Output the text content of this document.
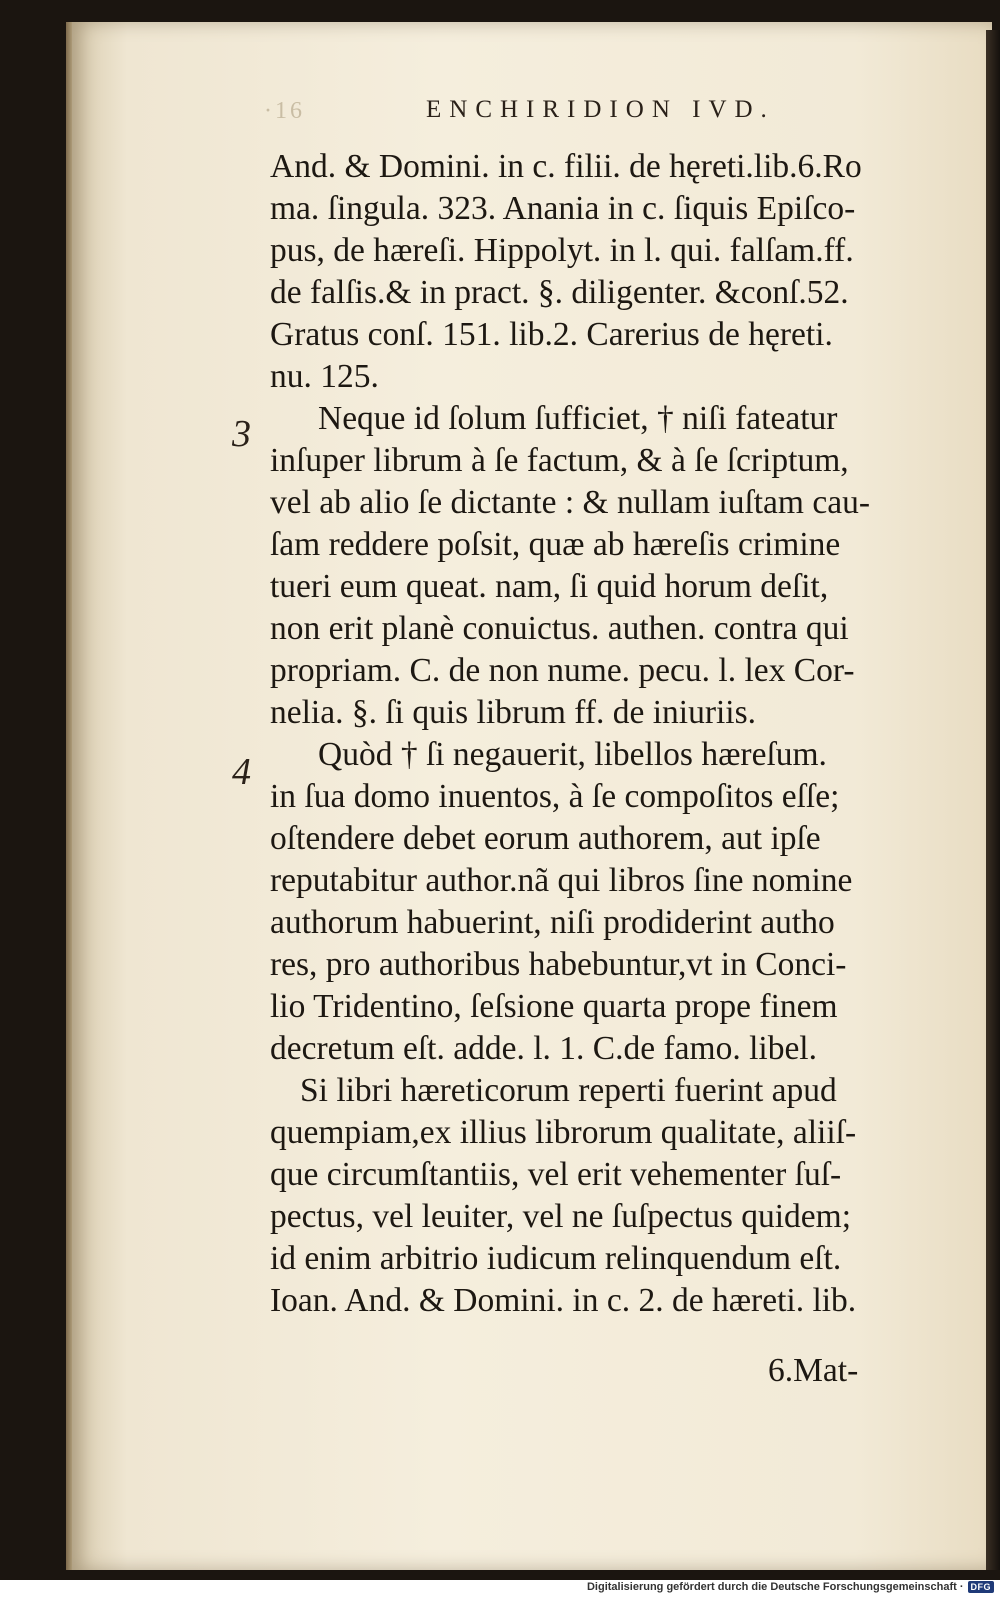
·16	ENCHIRIDION IVD.
3
4
And. & Domini. in c. filii. de hęreti.lib.6.Ro
ma. ſingula. 323. Anania in c. ſiquis Epiſco-
pus, de hæreſi. Hippolyt. in l. qui. falſam.ff.
de falſis.& in pract. §. diligenter. &conſ.52.
Gratus conſ. 151. lib.2. Carerius de hęreti.
nu. 125.
Neque id ſolum ſufficiet, † niſi fateatur
inſuper librum à ſe factum, & à ſe ſcriptum,
vel ab alio ſe dictante : & nullam iuſtam cau-
ſam reddere poſsit, quæ ab hæreſis crimine
tueri eum queat. nam, ſi quid horum deſit,
non erit planè conuictus. authen. contra qui
propriam. C. de non nume. pecu. l. lex Cor-
nelia. §. ſi quis librum ff. de iniuriis.
Quòd † ſi negauerit, libellos hæreſum.
in ſua domo inuentos, à ſe compoſitos eſſe;
oſtendere debet eorum authorem, aut ipſe
reputabitur author.nã qui libros ſine nomine
authorum habuerint, niſi prodiderint autho
res, pro authoribus habebuntur,vt in Conci-
lio Tridentino, ſeſsione quarta prope finem
decretum eſt. adde. l. 1. C.de famo. libel.
Si libri hæreticorum reperti fuerint apud
quempiam,ex illius librorum qualitate, aliiſ-
que circumſtantiis, vel erit vehementer ſuſ-
pectus, vel leuiter, vel ne ſuſpectus quidem;
id enim arbitrio iudicum relinquendum eſt.
Ioan. And. & Domini. in c. 2. de hæreti. lib.
6.Mat-
Digitalisierung gefördert durch die Deutsche Forschungsgemeinschaft · DFG
